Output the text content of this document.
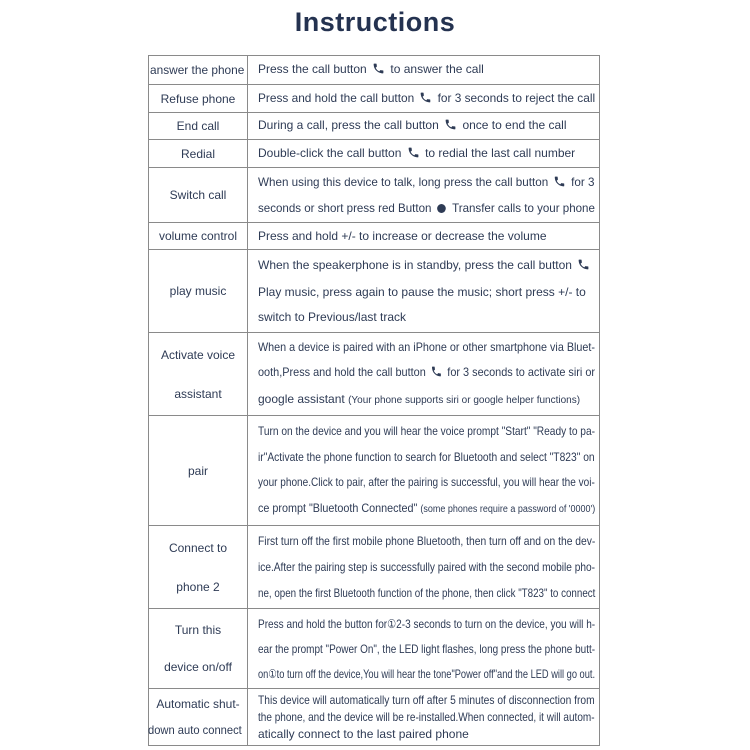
Instructions
answer the phone Press the call button  to answer the call
Refuse phone Press and hold the call button  for 3 seconds to reject the call
End call	During a call, press the call button  once to end the call
Redial	Double-click the call button  to redial the last call number
Switch call
When using this device to talk, long press the call button  for 3
seconds or short press red Button  Transfer calls to your phone
volume control Press and hold +/- to increase or decrease the volume
play music
When the speakerphone is in standby, press the call button
Play music, press again to pause the music; short press +/- to
switch to Previous/last track
Activate voice
assistant
When a device is paired with an iPhone or other smartphone via Bluet-
ooth,Press and hold the call button  for 3 seconds to activate siri or
google assistant (Your phone supports siri or google helper functions)
pair
Turn on the device and you will hear the voice prompt "Start" "Ready to pa-
ir"Activate the phone function to search for Bluetooth and select "T823" on
your phone.Click to pair, after the pairing is successful, you will hear the voi-
ce prompt "Bluetooth Connected" (some phones require a password of '0000')
Connect to
phone 2
First turn off the first mobile phone Bluetooth, then turn off and on the dev-
ice.After the pairing step is successfully paired with the second mobile pho-
ne, open the first Bluetooth function of the phone, then click "T823" to connect
Turn this
device on/off
Press and hold the button for①2-3 seconds to turn on the device, you will h-
ear the prompt "Power On", the LED light flashes, long press the phone butt-
on①to turn off the device,You will hear the tone"Power off"and the LED will go out.
Automatic shut-
down auto connect
This device will automatically turn off after 5 minutes of disconnection from
the phone, and the device will be re-installed.When connected, it will autom-
atically connect to the last paired phone
